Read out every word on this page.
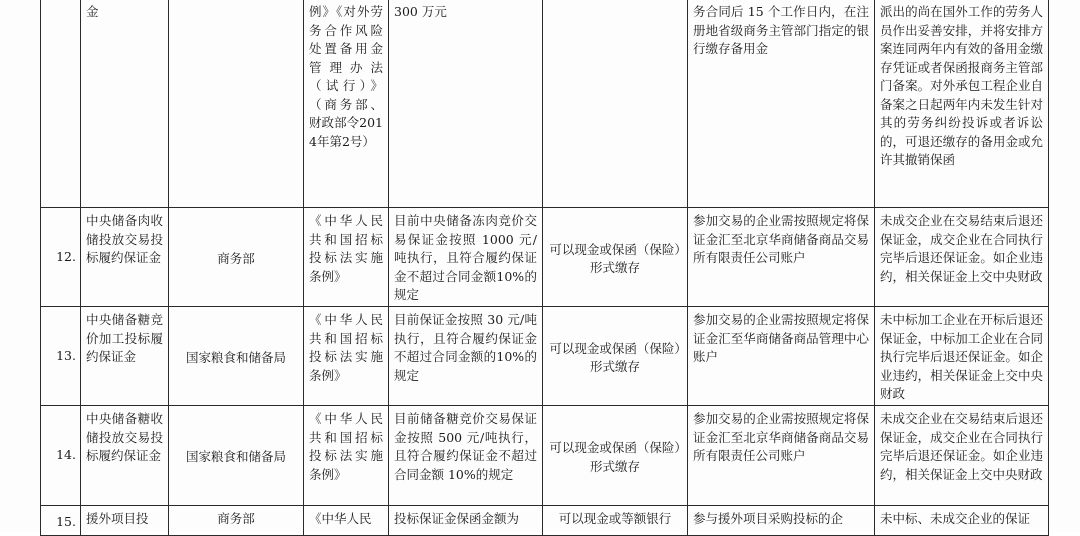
	金		例》《对外劳务合作风险处置备用金管理办法（试行）》（商务部、财政部令2014年第2号）	300 万元		务合同后 15 个工作日内，在注册地省级商务主管部门指定的银行缴存备用金	派出的尚在国外工作的劳务人员作出妥善安排，并将安排方案连同两年内有效的备用金缴存凭证或者保函报商务主管部门备案。对外承包工程企业自备案之日起两年内未发生针对其的劳务纠纷投诉或者诉讼的，可退还缴存的备用金或允许其撤销保函
12.	中央储备肉收储投放交易投标履约保证金	商务部	《中华人民共和国招标投标法实施条例》	目前中央储备冻肉竞价交易保证金按照 1000 元/吨执行，且符合履约保证金不超过合同金额10%的规定	可以现金或保函（保险）形式缴存	参加交易的企业需按照规定将保证金汇至北京华商储备商品交易所有限责任公司账户	未成交企业在交易结束后退还保证金，成交企业在合同执行完毕后退还保证金。如企业违约，相关保证金上交中央财政
13.	中央储备糖竞价加工投标履约保证金	国家粮食和储备局	《中华人民共和国招标投标法实施条例》	目前保证金按照 30 元/吨执行，且符合履约保证金不超过合同金额的10%的规定	可以现金或保函（保险）形式缴存	参加交易的企业需按照规定将保证金汇至华商储备商品管理中心账户	未中标加工企业在开标后退还保证金，中标加工企业在合同执行完毕后退还保证金。如企业违约，相关保证金上交中央财政
14.	中央储备糖收储投放交易投标履约保证金	国家粮食和储备局	《中华人民共和国招标投标法实施条例》	目前储备糖竞价交易保证金按照 500 元/吨执行，且符合履约保证金不超过合同金额 10%的规定	可以现金或保函（保险）形式缴存	参加交易的企业需按照规定将保证金汇至北京华商储备商品交易所有限责任公司账户	未成交企业在交易结束后退还保证金，成交企业在合同执行完毕后退还保证金。如企业违约，相关保证金上交中央财政
15.	援外项目投	商务部	《中华人民	投标保证金保函金额为	可以现金或等额银行	参与援外项目采购投标的企	未中标、未成交企业的保证
